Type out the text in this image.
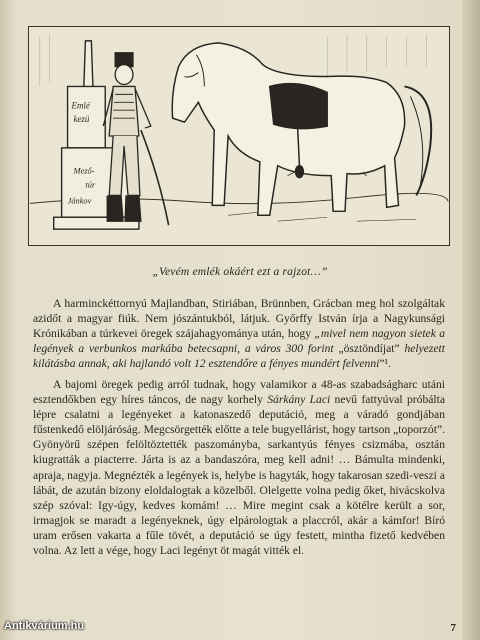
Emlé
kezü
Mező-
túr
Jánkov
„Vevém emlék okáért ezt a rajzot…”

A harminckéttornyú Majlandban, Stiriában, Brünnben, Grácban meg hol szolgáltak azidőt a magyar fiúk. Nem jószántukból, látjuk. Győrffy István írja a Nagykunsági Krónikában a túrkevei öregek szájahagyománya után, hogy „mivel nem nagyon sietek a legények a verbunkos markába betecsapni, a város 300 forint „ösztöndíjat” helyezett kilátásba annak, aki hajlandó volt 12 esztendőre a fényes mundért felvenni”¹.

A bajomi öregek pedig arról tudnak, hogy valamikor a 48-as szabadságharc utáni esztendőkben egy híres táncos, de nagy korhely Sárkány Laci nevű fattyúval próbálta lépre csalatni a legényeket a katonaszedő deputáció, meg a váradó gondjában fűstenkedő elöljáróság. Megcsörgették előtte a tele bugyellárist, hogy tartson „toporzót”. Gyönyörű szépen felöltöztették paszományba, sarkantyús fényes csizmába, osztán kiugratták a piacterre. Járta is az a bandaszóra, meg kell adni! … Bámulta mindenki, apraja, nagyja. Megnézték a legények is, helybe is hagyták, hogy takarosan szedi-veszi a lábát, de azután bizony eloldalogtak a közelből. Olelgette volna pedig őket, hivácskolva szép szóval: Igy-úgy, kedves komám! … Mire megint csak a kötélre került a sor, irmagjok se maradt a legényeknek, úgy elpárologtak a placcról, akár a kámfor! Bíró uram erősen vakarta a fűle tövét, a deputáció se úgy festett, mintha fizető kedvében volna. Az lett a vége, hogy Laci legényt öt magát vitték el.

7
Antikvárium.hu
